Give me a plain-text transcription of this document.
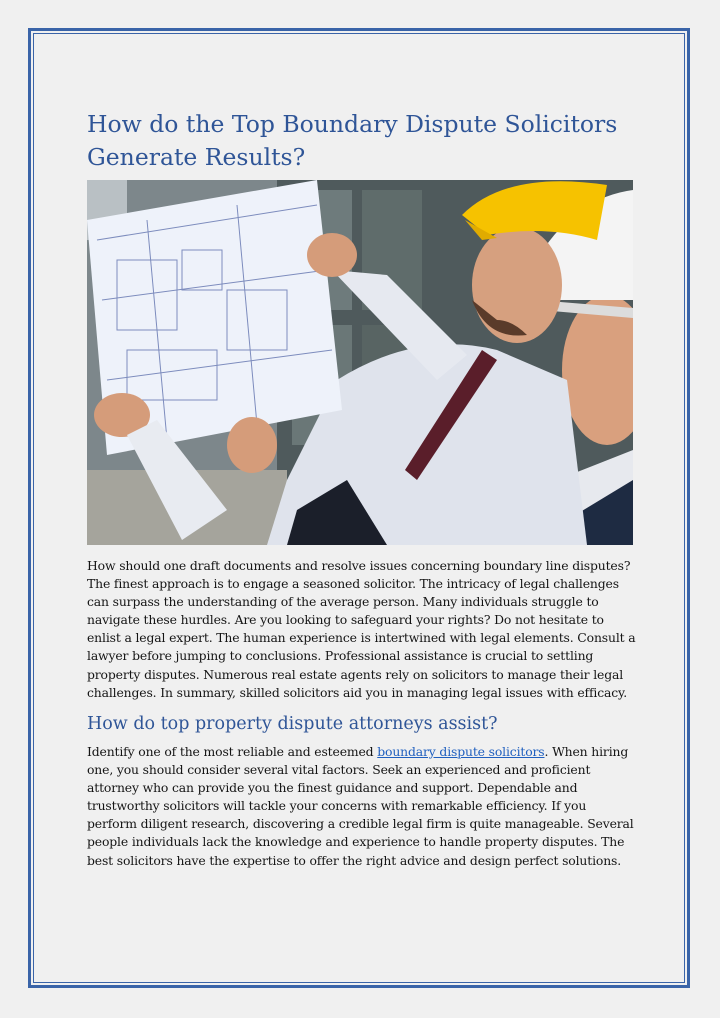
How do the Top Boundary Dispute Solicitors Generate Results?

How should one draft documents and resolve issues concerning boundary line disputes? The finest approach is to engage a seasoned solicitor. The intricacy of legal challenges can surpass the understanding of the average person. Many individuals struggle to navigate these hurdles. Are you looking to safeguard your rights? Do not hesitate to enlist a legal expert. The human experience is intertwined with legal elements. Consult a lawyer before jumping to conclusions. Professional assistance is crucial to settling property disputes. Numerous real estate agents rely on solicitors to manage their legal challenges. In summary, skilled solicitors aid you in managing legal issues with efficacy.

How do top property dispute attorneys assist?

Identify one of the most reliable and esteemed boundary dispute solicitors. When hiring one, you should consider several vital factors. Seek an experienced and proficient attorney who can provide you the finest guidance and support. Dependable and trustworthy solicitors will tackle your concerns with remarkable efficiency. If you perform diligent research, discovering a credible legal firm is quite manageable. Several people individuals lack the knowledge and experience to handle property disputes. The best solicitors have the expertise to offer the right advice and design perfect solutions.
